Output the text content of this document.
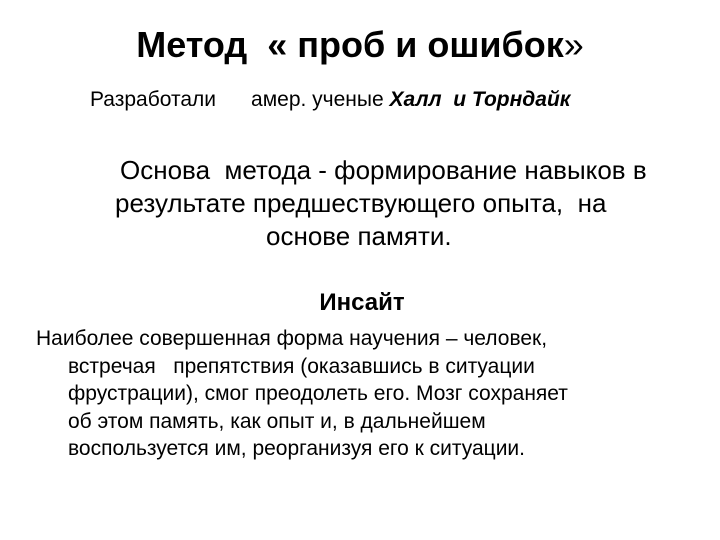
Метод  « проб и ошибок»
Разработали      амер. ученые Халл  и Торндайк
Основа  метода - формирование навыков в
результате предшествующего опыта,  на
основе памяти.
Инсайт
Наиболее совершенная форма научения – человек,
встречая   препятствия (оказавшись в ситуации
фрустрации), смог преодолеть его. Мозг сохраняет
об этом память, как опыт и, в дальнейшем
воспользуется им, реорганизуя его к ситуации.
